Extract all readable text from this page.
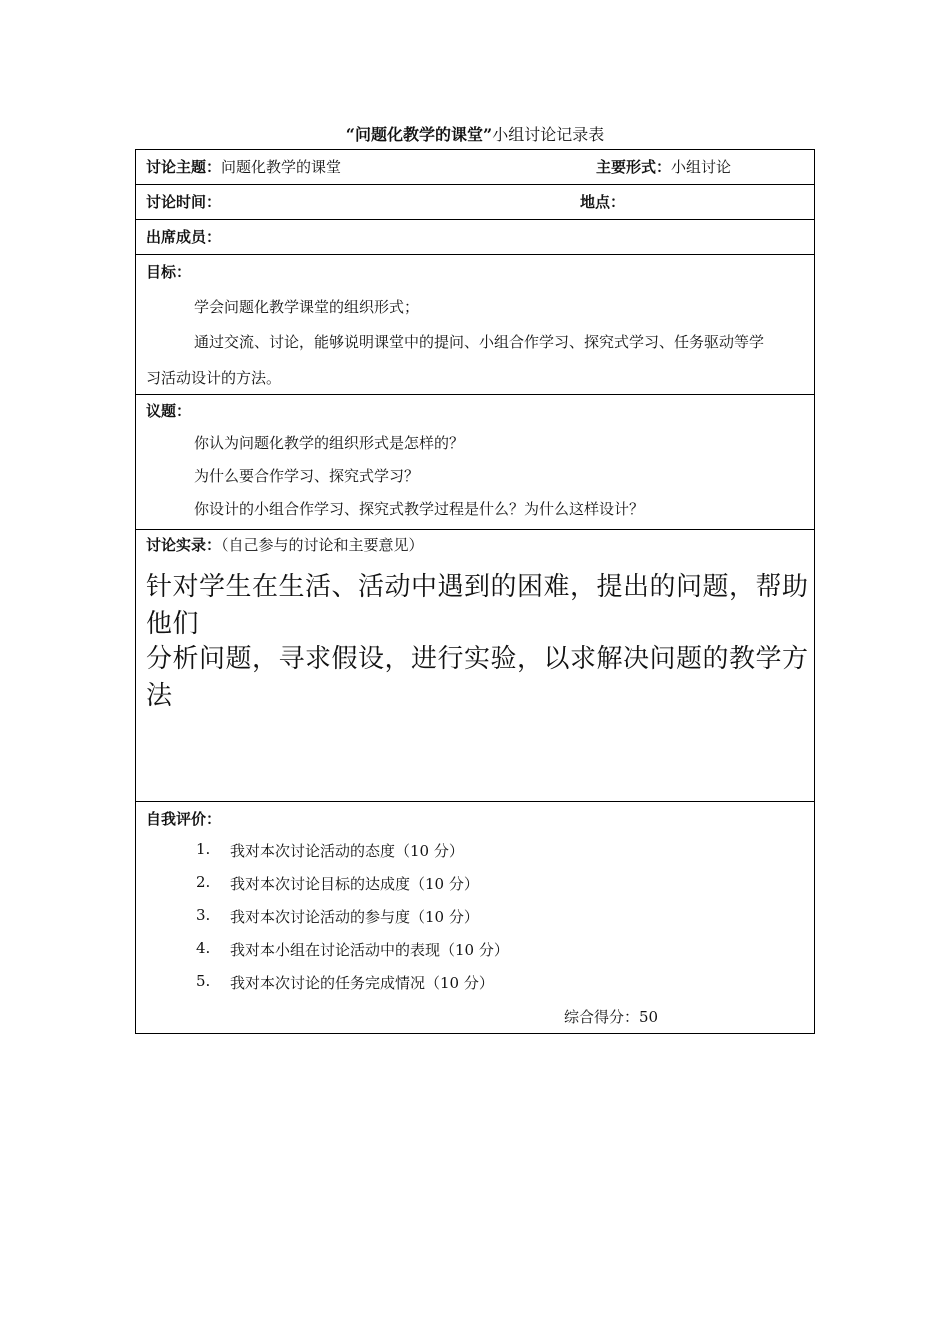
“问题化教学的课堂”小组讨论记录表
讨论主题：问题化教学的课堂	主要形式：小组讨论
讨论时间：	地点：
出席成员：
目标：
学会问题化教学课堂的组织形式；
通过交流、讨论，能够说明课堂中的提问、小组合作学习、探究式学习、任务驱动等学
习活动设计的方法。
议题：
你认为问题化教学的组织形式是怎样的？
为什么要合作学习、探究式学习？
你设计的小组合作学习、探究式教学过程是什么？为什么这样设计？
讨论实录：（自己参与的讨论和主要意见）
针对学生在生活、活动中遇到的困难，提出的问题，帮助他们
分析问题，寻求假设，进行实验，以求解决问题的教学方法
自我评价：
1.	我对本次讨论活动的态度（10 分）
2.	我对本次讨论目标的达成度（10 分）
3.	我对本次讨论活动的参与度（10 分）
4.	我对本小组在讨论活动中的表现（10 分）
5.	我对本次讨论的任务完成情况（10 分）
综合得分：50
